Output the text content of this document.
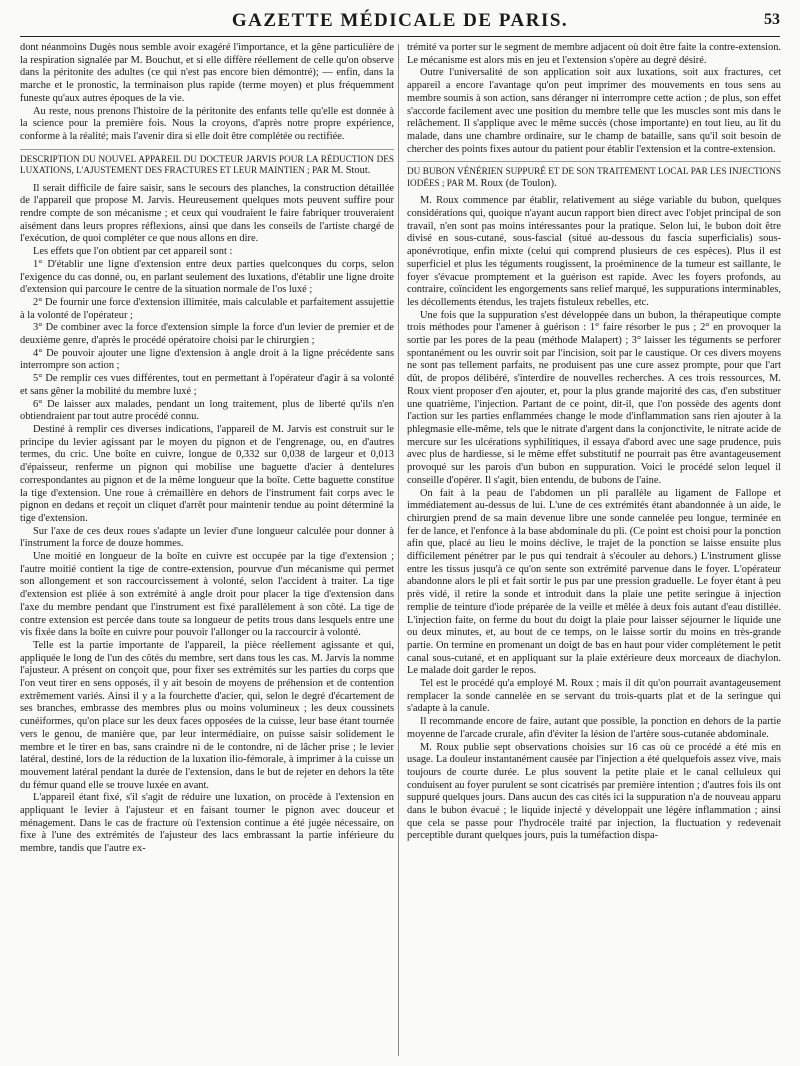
GAZETTE MÉDICALE DE PARIS.	53

dont néanmoins Dugès nous semble avoir exagéré l'importance, et la gêne particulière de la respiration signalée par M. Bouchut, et si elle diffère réellement de celle qu'on observe dans la péritonite des adultes (ce qui n'est pas encore bien démontré); — enfin, dans la marche et le pronostic, la terminaison plus rapide (terme moyen) et plus fréquemment funeste qu'aux autres époques de la vie.

Au reste, nous prenons l'histoire de la péritonite des enfants telle qu'elle est donnée à la science pour la première fois. Nous la croyons, d'après notre propre expérience, conforme à la réalité; mais l'avenir dira si elle doit être complétée ou rectifiée.

DESCRIPTION DU NOUVEL APPAREIL DU DOCTEUR JARVIS POUR LA RÉDUCTION DES LUXATIONS, L'AJUSTEMENT DES FRACTURES ET LEUR MAINTIEN ; PAR M. Stout.

Il serait difficile de faire saisir, sans le secours des planches, la construction détaillée de l'appareil que propose M. Jarvis. Heureusement quelques mots peuvent suffire pour rendre compte de son mécanisme ; et ceux qui voudraient le faire fabriquer trouveraient aisément dans leurs propres réflexions, ainsi que dans les conseils de l'artiste chargé de l'exécution, de quoi compléter ce que nous allons en dire.

Les effets que l'on obtient par cet appareil sont :

1° D'établir une ligne d'extension entre deux parties quelconques du corps, selon l'exigence du cas donné, ou, en parlant seulement des luxations, d'établir une ligne droite d'extension qui parcoure le centre de la situation normale de l'os luxé ;

2° De fournir une force d'extension illimitée, mais calculable et parfaitement assujettie à la volonté de l'opérateur ;

3° De combiner avec la force d'extension simple la force d'un levier de premier et de deuxième genre, d'après le procédé opératoire choisi par le chirurgien ;

4° De pouvoir ajouter une ligne d'extension à angle droit à la ligne précédente sans interrompre son action ;

5° De remplir ces vues différentes, tout en permettant à l'opérateur d'agir à sa volonté et sans gêner la mobilité du membre luxé ;

6° De laisser aux malades, pendant un long traitement, plus de liberté qu'ils n'en obtiendraient par tout autre procédé connu.

Destiné à remplir ces diverses indications, l'appareil de M. Jarvis est construit sur le principe du levier agissant par le moyen du pignon et de l'engrenage, ou, en d'autres termes, du cric. Une boîte en cuivre, longue de 0,332 sur 0,038 de largeur et 0,013 d'épaisseur, renferme un pignon qui mobilise une baguette d'acier à dentelures correspondantes au pignon et de la même longueur que la boîte. Cette baguette constitue la tige d'extension. Une roue à crémaillère en dehors de l'instrument fait corps avec le pignon en dedans et reçoit un cliquet d'arrêt pour maintenir tendue au point déterminé la tige d'extension.

Sur l'axe de ces deux roues s'adapte un levier d'une longueur calculée pour donner à l'instrument la force de douze hommes.

Une moitié en longueur de la boîte en cuivre est occupée par la tige d'extension ; l'autre moitié contient la tige de contre-extension, pourvue d'un mécanisme qui permet son allongement et son raccourcissement à volonté, selon l'accident à traiter. La tige d'extension est pliée à son extrémité à angle droit pour placer la tige d'extension dans l'axe du membre pendant que l'instrument est fixé parallèlement à son côté. La tige de contre extension est percée dans toute sa longueur de petits trous dans lesquels entre une vis fixée dans la boîte en cuivre pour pouvoir l'allonger ou la raccourcir à volonté.

Telle est la partie importante de l'appareil, la pièce réellement agissante et qui, appliquée le long de l'un des côtés du membre, sert dans tous les cas. M. Jarvis la nomme l'ajusteur. A présent on conçoit que, pour fixer ses extrémités sur les parties du corps que l'on veut tirer en sens opposés, il y ait besoin de moyens de préhension et de contention extrêmement variés. Ainsi il y a la fourchette d'acier, qui, selon le degré d'écartement de ses branches, embrasse des membres plus ou moins volumineux ; les deux coussinets cunéiformes, qu'on place sur les deux faces opposées de la cuisse, leur base étant tournée vers le genou, de manière que, par leur intermédiaire, on puisse saisir solidement le membre et le tirer en bas, sans craindre ni de le contondre, ni de lâcher prise ; le levier latéral, destiné, lors de la réduction de la luxation ilio-fémorale, à imprimer à la cuisse un mouvement latéral pendant la durée de l'extension, dans le but de rejeter en dehors la tête du fémur quand elle se trouve luxée en avant.

L'appareil étant fixé, s'il s'agit de réduire une luxation, on procède à l'extension en appliquant le levier à l'ajusteur et en faisant tourner le pignon avec douceur et ménagement. Dans le cas de fracture où l'extension continue a été jugée nécessaire, on fixe à l'une des extrémités de l'ajusteur des lacs embrassant la partie inférieure du membre, tandis que l'autre ex-

trémité va porter sur le segment de membre adjacent où doit être faite la contre-extension. Le mécanisme est alors mis en jeu et l'extension s'opère au degré désiré.

Outre l'universalité de son application soit aux luxations, soit aux fractures, cet appareil a encore l'avantage qu'on peut imprimer des mouvements en tous sens au membre soumis à son action, sans déranger ni interrompre cette action ; de plus, son effet s'accorde facilement avec une position du membre telle que les muscles sont mis dans le relâchement. Il s'applique avec le même succès (chose importante) en tout lieu, au lit du malade, dans une chambre ordinaire, sur le champ de bataille, sans qu'il soit besoin de chercher des points fixes autour du patient pour établir l'extension et la contre-extension.

DU BUBON VÉNÉRIEN SUPPURÉ ET DE SON TRAITEMENT LOCAL PAR LES INJECTIONS IODÉES ; PAR M. Roux (de Toulon).

M. Roux commence par établir, relativement au siége variable du bubon, quelques considérations qui, quoique n'ayant aucun rapport bien direct avec l'objet principal de son travail, n'en sont pas moins intéressantes pour la pratique. Selon lui, le bubon doit être divisé en sous-cutané, sous-fascial (situé au-dessous du fascia superficialis) sous-aponévrotique, enfin mixte (celui qui comprend plusieurs de ces espèces). Plus il est superficiel et plus les téguments rougissent, la proéminence de la tumeur est saillante, le foyer s'évacue promptement et la guérison est rapide. Avec les foyers profonds, au contraire, coïncident les engorgements sans relief marqué, les suppurations interminables, les décollements étendus, les trajets fistuleux rebelles, etc.

Une fois que la suppuration s'est développée dans un bubon, la thérapeutique compte trois méthodes pour l'amener à guérison : 1° faire résorber le pus ; 2° en provoquer la sortie par les pores de la peau (méthode Malapert) ; 3° laisser les téguments se perforer spontanément ou les ouvrir soit par l'incision, soit par le caustique. Or ces divers moyens ne sont pas tellement parfaits, ne produisent pas une cure assez prompte, pour que l'art dût, de propos délibéré, s'interdire de nouvelles recherches. A ces trois ressources, M. Roux vient proposer d'en ajouter, et, pour la plus grande majorité des cas, d'en substituer une quatrième, l'injection. Partant de ce point, dit-il, que l'on possède des agents dont l'action sur les parties enflammées change le mode d'inflammation sans rien ajouter à la phlegmasie elle-même, tels que le nitrate d'argent dans la conjonctivite, le nitrate acide de mercure sur les ulcérations syphilitiques, il essaya d'abord avec une sage prudence, puis avec plus de hardiesse, si le même effet substitutif ne pourrait pas être avantageusement provoqué sur les parois d'un bubon en suppuration. Voici le procédé selon lequel il conseille d'opérer. Il s'agit, bien entendu, de bubons de l'aine.

On fait à la peau de l'abdomen un pli parallèle au ligament de Fallope et immédiatement au-dessus de lui. L'une de ces extrémités étant abandonnée à un aide, le chirurgien prend de sa main devenue libre une sonde cannelée peu longue, terminée en fer de lance, et l'enfonce à la base abdominale du pli. (Ce point est choisi pour la ponction afin que, placé au lieu le moins déclive, le trajet de la ponction se laisse ensuite plus difficilement pénétrer par le pus qui tendrait à s'écouler au dehors.) L'instrument glisse entre les tissus jusqu'à ce qu'on sente son extrémité parvenue dans le foyer. L'opérateur abandonne alors le pli et fait sortir le pus par une pression graduelle. Le foyer étant à peu près vidé, il retire la sonde et introduit dans la plaie une petite seringue à injection remplie de teinture d'iode préparée de la veille et mêlée à deux fois autant d'eau distillée. L'injection faite, on ferme du bout du doigt la plaie pour laisser séjourner le liquide une ou deux minutes, et, au bout de ce temps, on le laisse sortir du moins en très-grande partie. On termine en promenant un doigt de bas en haut pour vider complétement le petit canal sous-cutané, et en appliquant sur la plaie extérieure deux morceaux de diachylon. Le malade doit garder le repos.

Tel est le procédé qu'a employé M. Roux ; mais il dit qu'on pourrait avantageusement remplacer la sonde cannelée en se servant du trois-quarts plat et de la seringue qui s'adapte à la canule.

Il recommande encore de faire, autant que possible, la ponction en dehors de la partie moyenne de l'arcade crurale, afin d'éviter la lésion de l'artère sous-cutanée abdominale.

M. Roux publie sept observations choisies sur 16 cas où ce procédé a été mis en usage. La douleur instantanément causée par l'injection a été quelquefois assez vive, mais toujours de courte durée. Le plus souvent la petite plaie et le canal celluleux qui conduisent au foyer purulent se sont cicatrisés par première intention ; d'autres fois ils ont suppuré quelques jours. Dans aucun des cas cités ici la suppuration n'a de nouveau apparu dans le bubon évacué ; le liquide injecté y développait une légère inflammation ; ainsi que cela se passe pour l'hydrocèle traité par injection, la fluctuation y redevenait perceptible durant quelques jours, puis la tuméfaction dispa-
